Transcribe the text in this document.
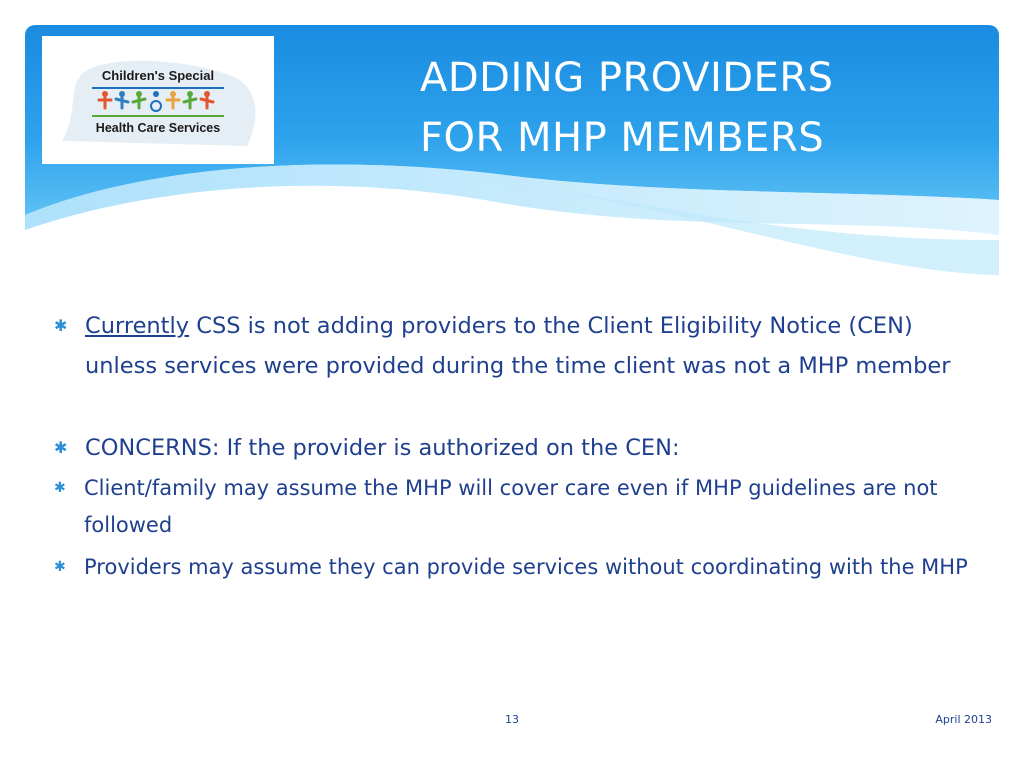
Children's Special
Health Care Services
ADDING PROVIDERS
FOR MHP MEMBERS
✱ Currently CSS is not adding providers to the Client Eligibility Notice (CEN) unless services were provided during the time client was not a MHP member
✱ CONCERNS: If the provider is authorized on the CEN:
✱ Client/family may assume the MHP will cover care even if MHP guidelines are not followed
✱ Providers may assume they can provide services without coordinating with the MHP
13	April 2013
